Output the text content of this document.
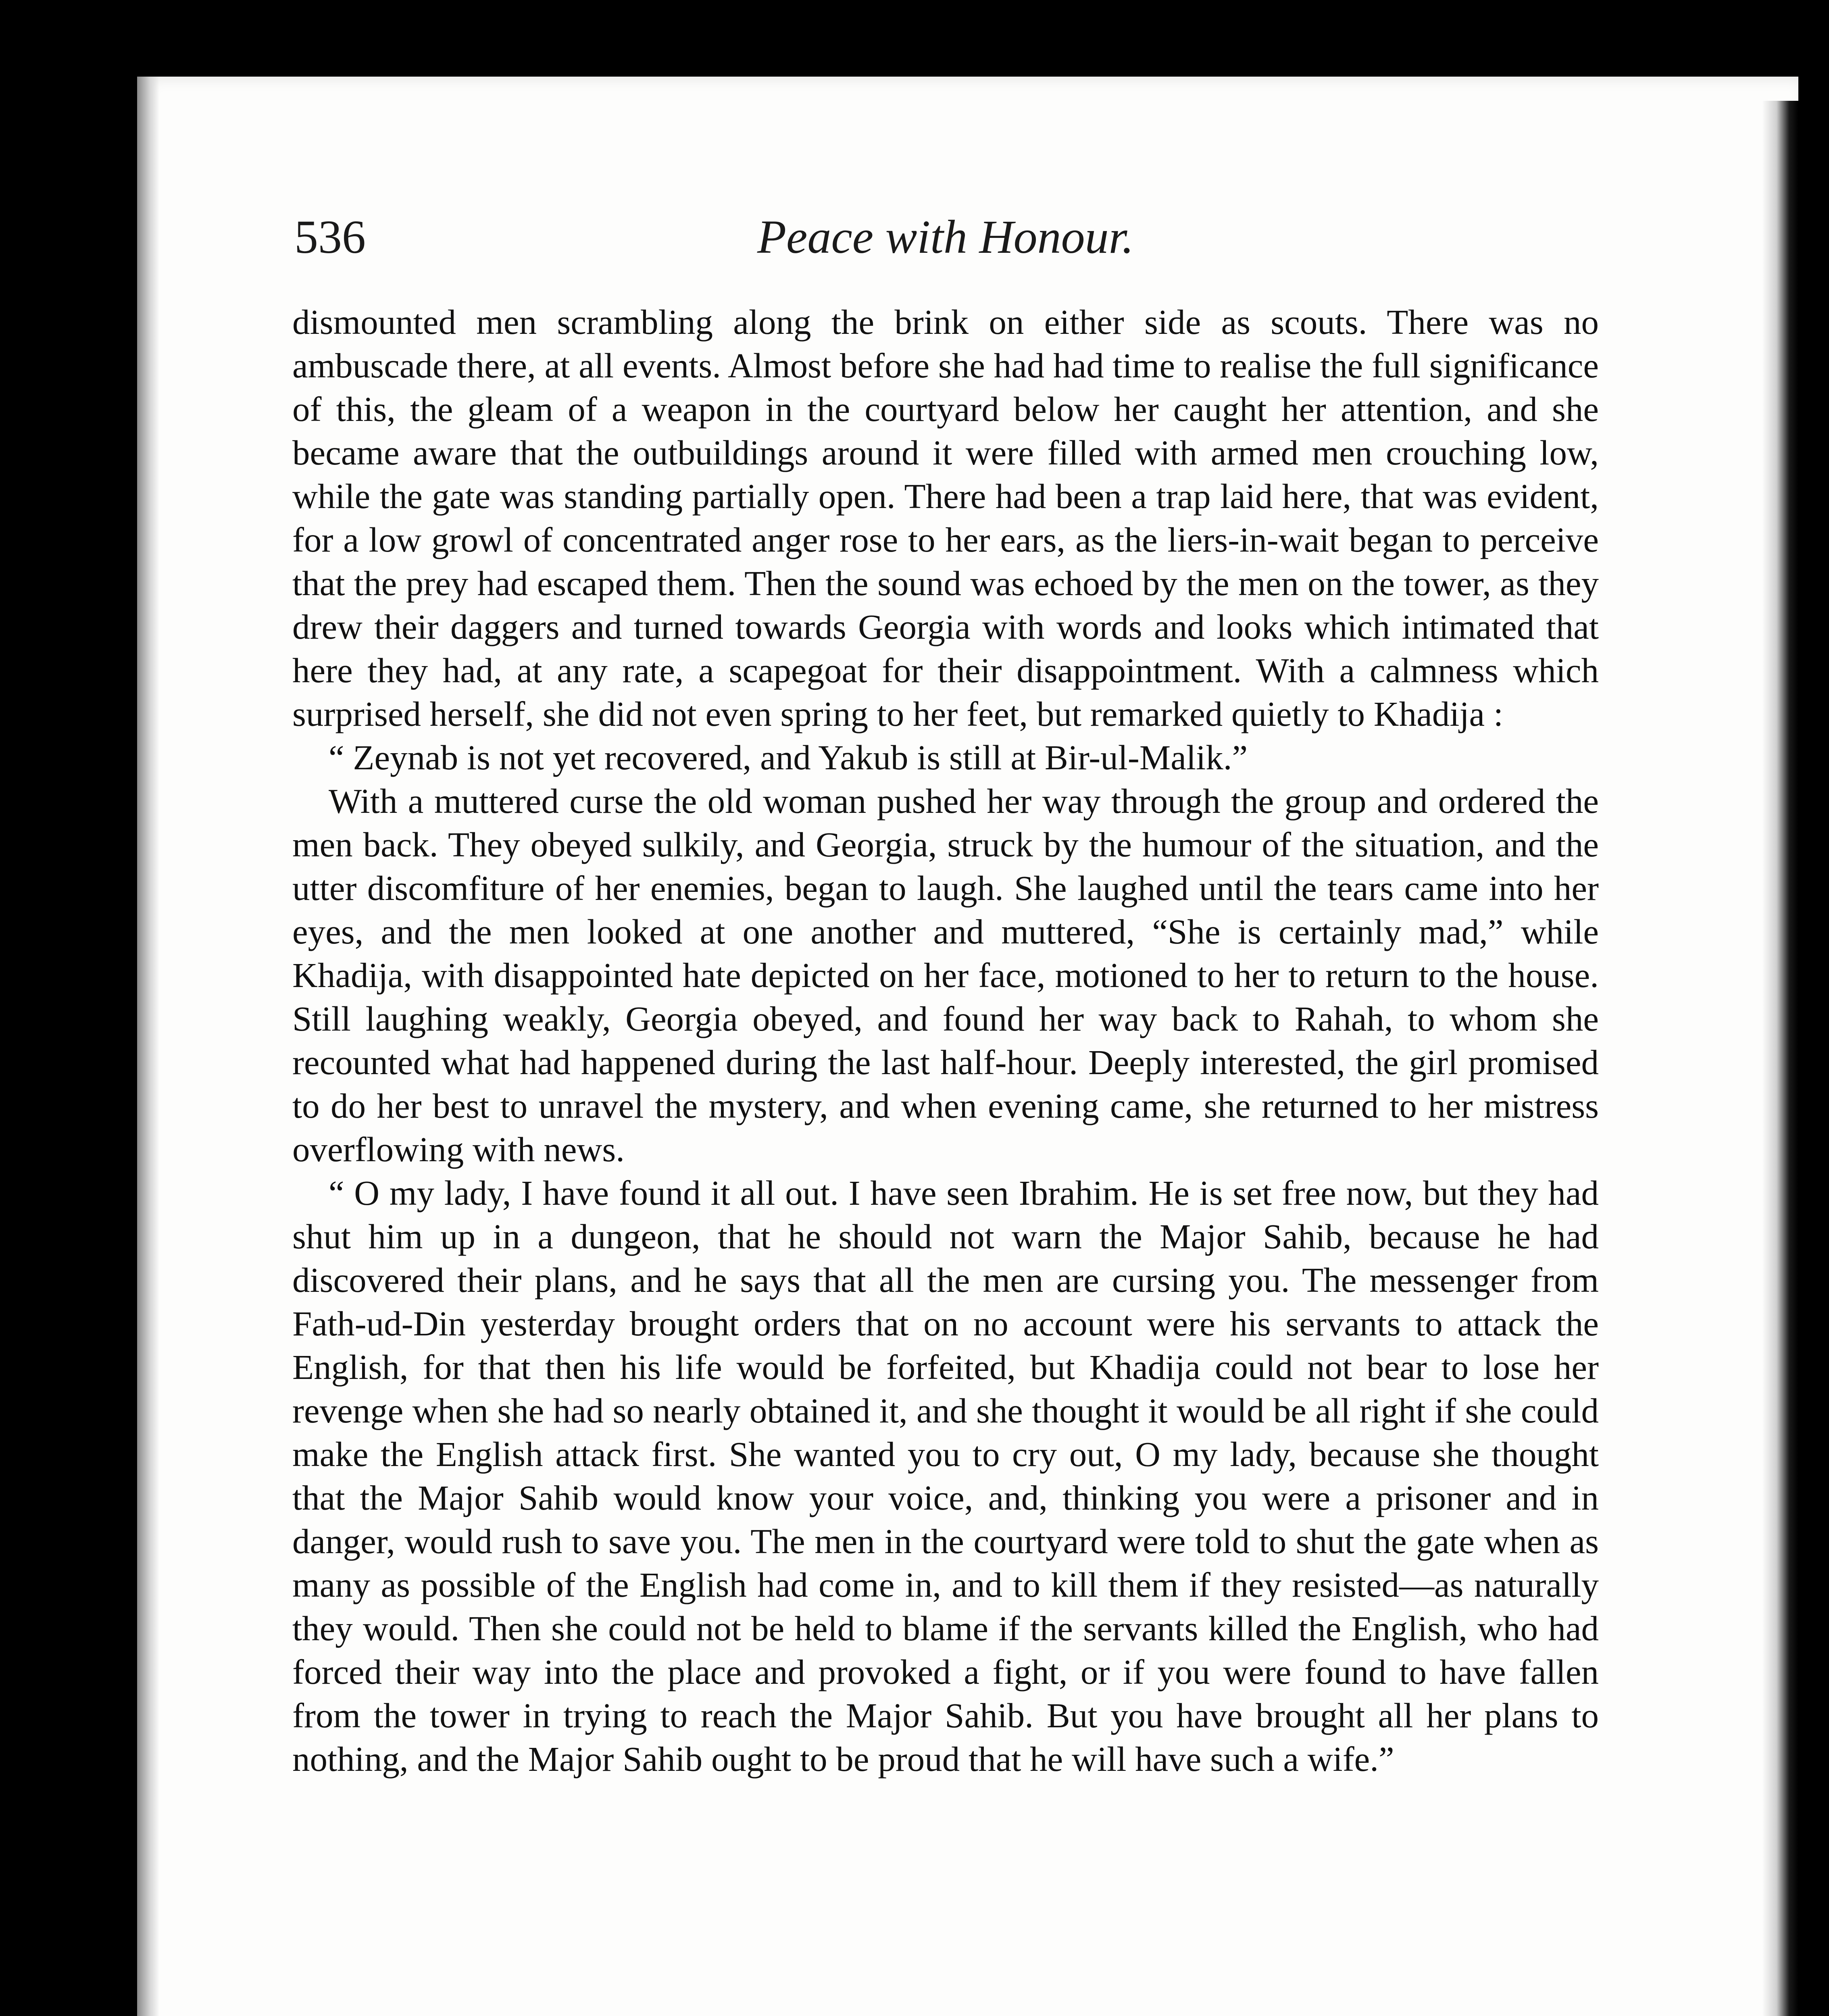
536	Peace with Honour.

dismounted men scrambling along the brink on either side as scouts. There was no ambuscade there, at all events. Almost before she had had time to realise the full significance of this, the gleam of a weapon in the courtyard below her caught her attention, and she became aware that the outbuildings around it were filled with armed men crouching low, while the gate was standing partially open. There had been a trap laid here, that was evident, for a low growl of concentrated anger rose to her ears, as the liers-in-wait began to perceive that the prey had escaped them. Then the sound was echoed by the men on the tower, as they drew their daggers and turned towards Georgia with words and looks which intimated that here they had, at any rate, a scapegoat for their disappointment. With a calmness which surprised herself, she did not even spring to her feet, but remarked quietly to Khadija :

“ Zeynab is not yet recovered, and Yakub is still at Bir-ul-Malik.”

With a muttered curse the old woman pushed her way through the group and ordered the men back. They obeyed sulkily, and Georgia, struck by the humour of the situation, and the utter discomfiture of her enemies, began to laugh. She laughed until the tears came into her eyes, and the men looked at one another and muttered, “She is certainly mad,” while Khadija, with disappointed hate depicted on her face, motioned to her to return to the house. Still laughing weakly, Georgia obeyed, and found her way back to Rahah, to whom she recounted what had happened during the last half-hour. Deeply interested, the girl promised to do her best to unravel the mystery, and when evening came, she returned to her mistress overflowing with news.

“ O my lady, I have found it all out. I have seen Ibrahim. He is set free now, but they had shut him up in a dungeon, that he should not warn the Major Sahib, because he had discovered their plans, and he says that all the men are cursing you. The messenger from Fath-ud-Din yesterday brought orders that on no account were his servants to attack the English, for that then his life would be forfeited, but Khadija could not bear to lose her revenge when she had so nearly obtained it, and she thought it would be all right if she could make the English attack first. She wanted you to cry out, O my lady, because she thought that the Major Sahib would know your voice, and, thinking you were a prisoner and in danger, would rush to save you. The men in the courtyard were told to shut the gate when as many as possible of the English had come in, and to kill them if they resisted—as naturally they would. Then she could not be held to blame if the servants killed the English, who had forced their way into the place and provoked a fight, or if you were found to have fallen from the tower in trying to reach the Major Sahib. But you have brought all her plans to nothing, and the Major Sahib ought to be proud that he will have such a wife.”
